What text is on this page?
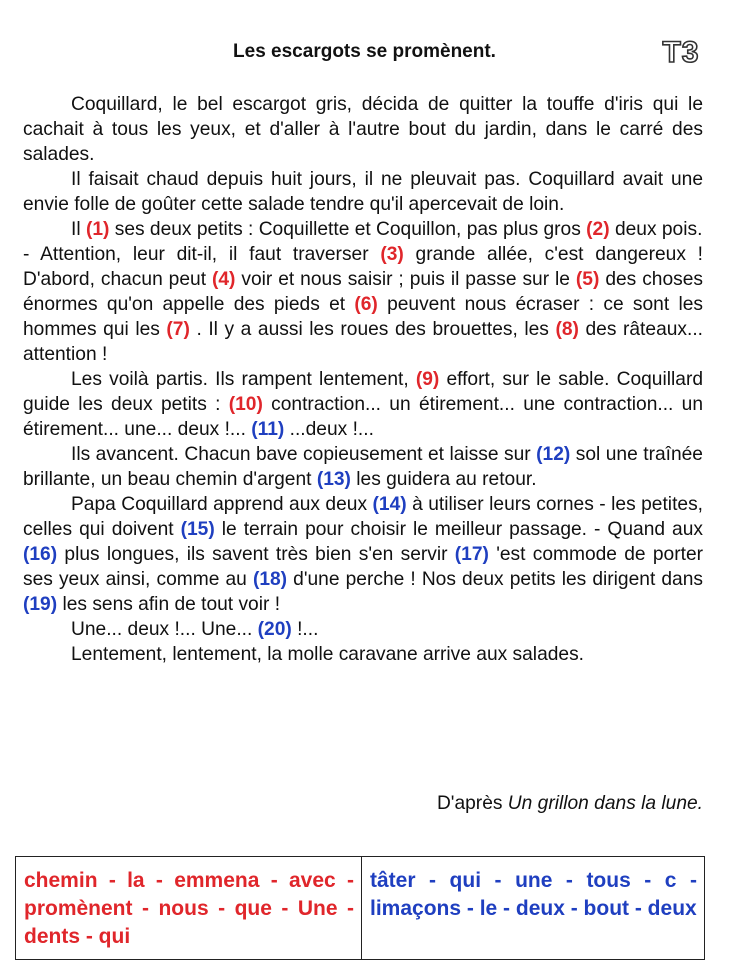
Les escargots se promènent.	T3

Coquillard, le bel escargot gris, décida de quitter la touffe d'iris qui le cachait à tous les yeux, et d'aller à l'autre bout du jardin, dans le carré des salades.

Il faisait chaud depuis huit jours, il ne pleuvait pas. Coquillard avait une envie folle de goûter cette salade tendre qu'il apercevait de loin.

Il (1) ses deux petits : Coquillette et Coquillon, pas plus gros (2) deux pois.

- Attention, leur dit-il, il faut traverser (3) grande allée, c'est dangereux ! D'abord, chacun peut (4) voir et nous saisir ; puis il passe sur le (5) des choses énormes qu'on appelle des pieds et (6) peuvent nous écraser : ce sont les hommes qui les (7) . Il y a aussi les roues des brouettes, les (8) des râteaux... attention !

Les voilà partis. Ils rampent lentement, (9) effort, sur le sable. Coquillard guide les deux petits : (10) contraction... un étirement... une contraction... un étirement... une... deux !... (11) ...deux !...

Ils avancent. Chacun bave copieusement et laisse sur (12) sol une traînée brillante, un beau chemin d'argent (13) les guidera au retour.

Papa Coquillard apprend aux deux (14) à utiliser leurs cornes - les petites, celles qui doivent (15) le terrain pour choisir le meilleur passage. - Quand aux (16) plus longues, ils savent très bien s'en servir (17) 'est commode de porter ses yeux ainsi, comme au (18) d'une perche ! Nos deux petits les dirigent dans (19) les sens afin de tout voir !

Une... deux !... Une... (20) !...

Lentement, lentement, la molle caravane arrive aux salades.

D'après Un grillon dans la lune.
chemin - la - emmena - avec - promènent - nous - que - Une - dents - qui
tâter - qui - une - tous - c - limaçons - le - deux - bout - deux
